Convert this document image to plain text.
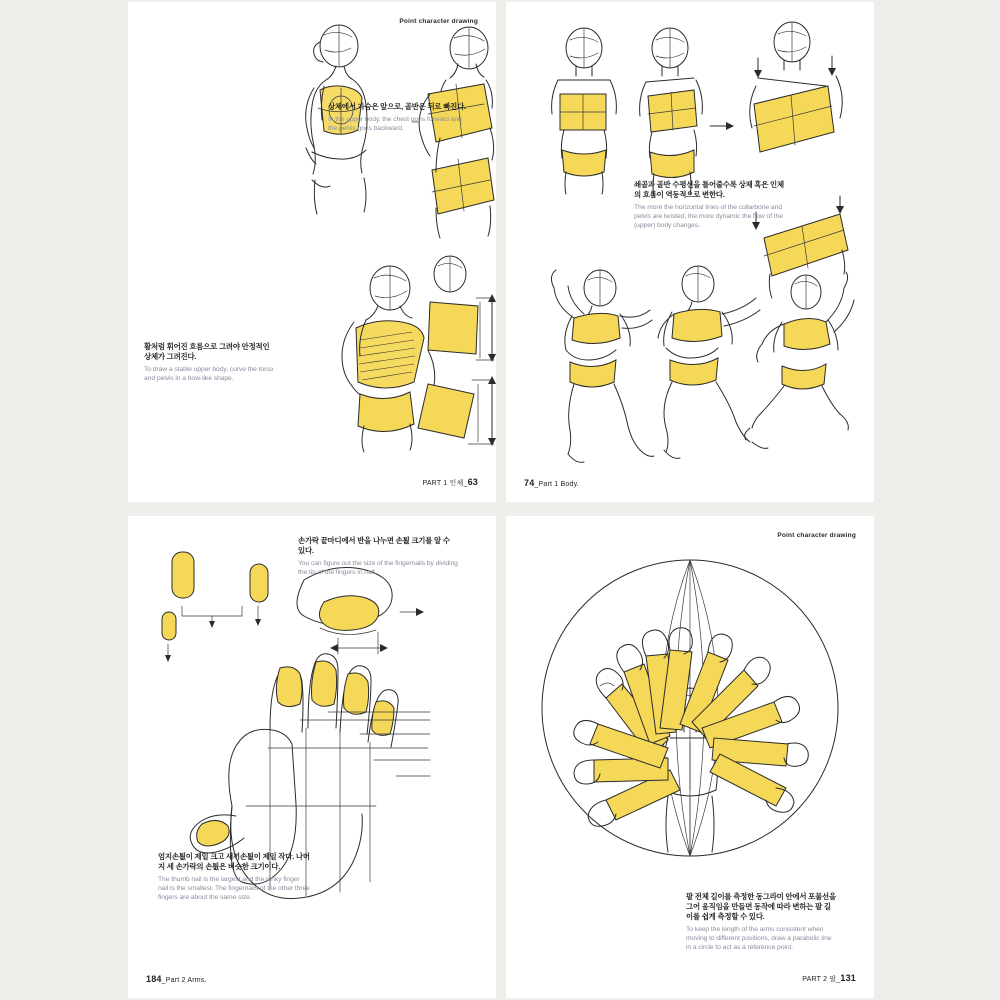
Point character drawing
상체에서 가슴은 앞으로, 골반은 뒤로 빠진다.
In the upper body, the chest goes forward and the pelvis goes backward.
활처럼 휘어진 흐름으로 그려야 안정적인 상체가 그려진다.
To draw a stable upper body, curve the torso and pelvis in a bow-like shape.
PART 1 인체_63
쇄골과 골반 수평선을 틀어줄수록 상체 혹은 인체의 흐름이 역동적으로 변한다.
The more the horizontal lines of the collarbone and pelvis are twisted, the more dynamic the flow of the (upper) body changes.
74_Part 1 Body.
손가락 끝마디에서 반을 나누면 손툆 크기를 알 수 있다.
You can figure out the size of the fingernails by dividing the tip of the fingers in half.
엄지손툆이 제일 크고 새끼손툆이 제일 작다. 나머지 세 손가락의 손툆은 비슷한 크기이다.
The thumb nail is the largest and the pinky finger nail is the smallest. The fingernails of the other three fingers are about the same size.
184_Part 2 Arms.
Point character drawing
팔 전체 길이를 측정한 동그라미 안에서 포물선을 그어 움직임을 만들면 동작에 따라 변하는 팔 길이를 쉽게 측정할 수 있다.
To keep the length of the arms consistent when moving to different positions, draw a parabolic line in a circle to act as a reference point.
PART 2 팔_131
